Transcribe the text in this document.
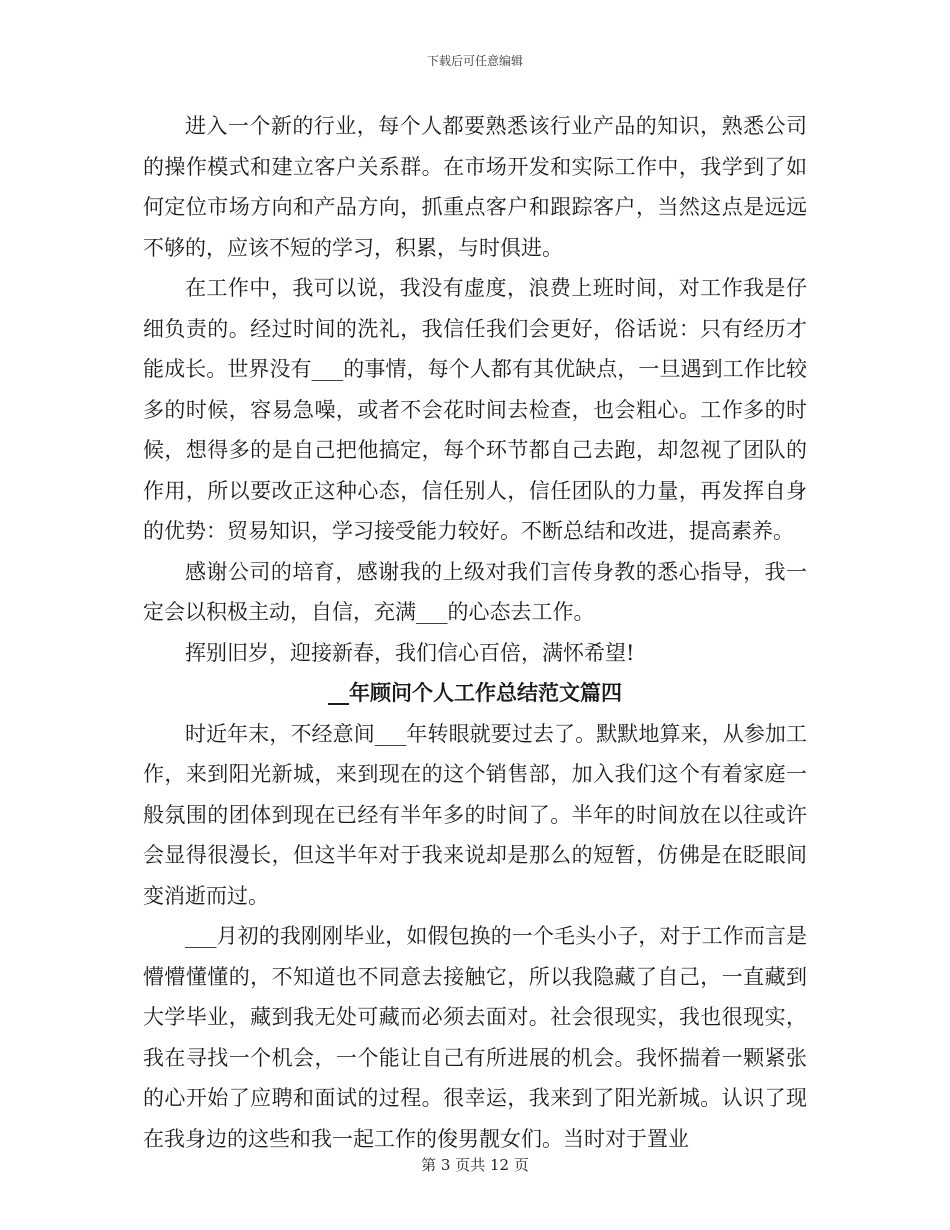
下载后可任意编辑

进入一个新的行业，每个人都要熟悉该行业产品的知识，熟悉公司的操作模式和建立客户关系群。在市场开发和实际工作中，我学到了如何定位市场方向和产品方向，抓重点客户和跟踪客户，当然这点是远远不够的，应该不短的学习，积累，与时俱进。

在工作中，我可以说，我没有虚度，浪费上班时间，对工作我是仔细负责的。经过时间的洗礼，我信任我们会更好，俗话说：只有经历才能成长。世界没有___的事情，每个人都有其优缺点，一旦遇到工作比较多的时候，容易急噪，或者不会花时间去检查，也会粗心。工作多的时候，想得多的是自己把他搞定，每个环节都自己去跑，却忽视了团队的作用，所以要改正这种心态，信任别人，信任团队的力量，再发挥自身的优势：贸易知识，学习接受能力较好。不断总结和改进，提高素养。

感谢公司的培育，感谢我的上级对我们言传身教的悉心指导，我一定会以积极主动，自信，充满___的心态去工作。

挥别旧岁，迎接新春，我们信心百倍，满怀希望!

__年顾问个人工作总结范文篇四

时近年末，不经意间___年转眼就要过去了。默默地算来，从参加工作，来到阳光新城，来到现在的这个销售部，加入我们这个有着家庭一般氛围的团体到现在已经有半年多的时间了。半年的时间放在以往或许会显得很漫长，但这半年对于我来说却是那么的短暂，仿佛是在眨眼间变消逝而过。

___月初的我刚刚毕业，如假包换的一个毛头小子，对于工作而言是懵懵懂懂的，不知道也不同意去接触它，所以我隐藏了自己，一直藏到大学毕业，藏到我无处可藏而必须去面对。社会很现实，我也很现实，我在寻找一个机会，一个能让自己有所进展的机会。我怀揣着一颗紧张的心开始了应聘和面试的过程。很幸运，我来到了阳光新城。认识了现在我身边的这些和我一起工作的俊男靓女们。当时对于置业

第 3 页共 12 页
